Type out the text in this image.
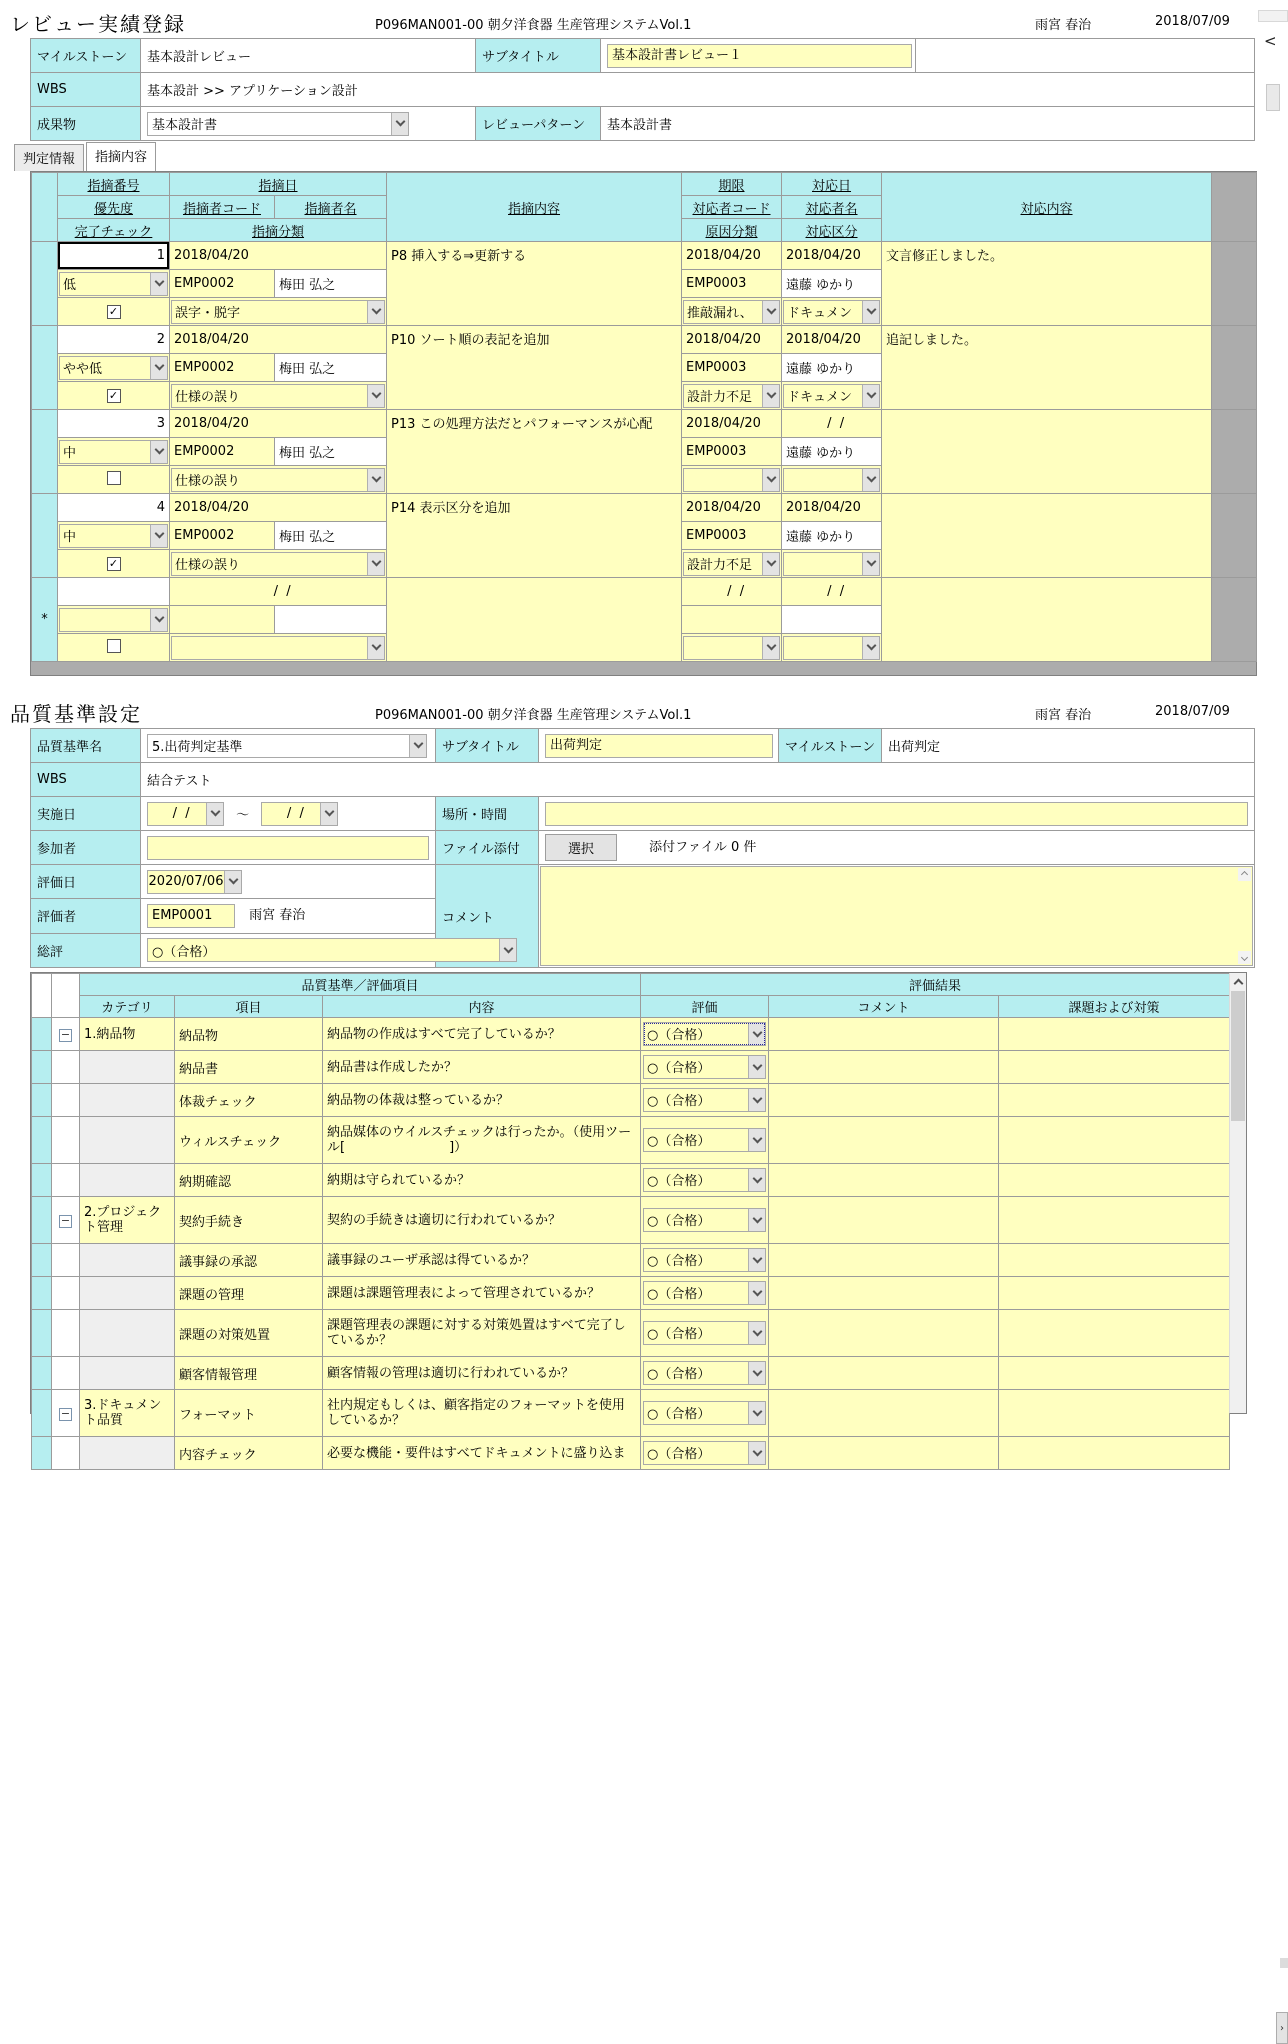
レビュー実績登録	P096MAN001-00 朝夕洋食器 生産管理システムVol.1	雨宮 春治	2018/07/09
マイルストーン	基本設計レビュー	サブタイトル	基本設計書レビュー１	
WBS	基本設計 >> アプリケーション設計			
成果物	基本設計書	レビューパターン	基本設計書	
判定情報	指摘内容
	指摘番号	指摘日		指摘内容	期限	対応日	対応内容	
	優先度	指摘者コード	指摘者名		対応者コード	対応者名		
	完了チェック	指摘分類			原因分類	対応区分		
	1	2018/04/20		P8 挿入する⇒更新する	2018/04/20	2018/04/20	文言修正しました。	

	低	EMP0002	梅田 弘之		EMP0003	遠藤 ゆかり		
	✓	誤字・脱字			推敲漏れ、	ドキュメン		

	2	2018/04/20		P10 ソート順の表記を追加	2018/04/20	2018/04/20	追記しました。	

	やや低	EMP0002	梅田 弘之		EMP0003	遠藤 ゆかり		
	✓	仕様の誤り			設計力不足	ドキュメン		

	3	2018/04/20		P13 この処理方法だとパフォーマンスが心配	2018/04/20	/  /		

	中	EMP0002	梅田 弘之		EMP0003	遠藤 ゆかり		

		仕様の誤り						

	4	2018/04/20		P14 表示区分を追加	2018/04/20	2018/04/20		

	中	EMP0002	梅田 弘之		EMP0003	遠藤 ゆかり		
	✓	仕様の誤り			設計力不足			

*		/  /			/  /	/  /		

<
品質基準設定	P096MAN001-00 朝夕洋食器 生産管理システムVol.1	雨宮 春治	2018/07/09
品質基準名	5.出荷判定基準	サブタイトル	出荷判定	マイルストーン	出荷判定
WBS	結合テスト				
実施日	/  / ～ /  /	場所・時間			
参加者		ファイル添付	選択 添付ファイル 0 件		
評価日	2020/07/06	コメント			

評価者	EMP0001 雨宮 春治				
総評	○（合格）				
		品質基準／評価項目			評価結果		
		カテゴリ	項目	内容	評価	コメント	課題および対策
	−	1.納品物	納品物	納品物の作成はすべて完了しているか？	○（合格）		

			納品書	納品書は作成したか？	○（合格）		

			体裁チェック	納品物の体裁は整っているか？	○（合格）		

			ウィルスチェック	納品媒体のウイルスチェックは行ったか。（使用ツール[　　　　　　　　]）	○（合格）		

			納期確認	納期は守られているか？	○（合格）		

	−	2.プロジェクト管理	契約手続き	契約の手続きは適切に行われているか？	○（合格）		

			議事録の承認	議事録のユーザ承認は得ているか？	○（合格）		

			課題の管理	課題は課題管理表によって管理されているか？	○（合格）		

			課題の対策処置	課題管理表の課題に対する対策処置はすべて完了しているか？	○（合格）		

			顧客情報管理	顧客情報の管理は適切に行われているか？	○（合格）		

	−	3.ドキュメント品質	フォーマット	社内規定もしくは、顧客指定のフォーマットを使用しているか？	○（合格）		

			内容チェック	必要な機能・要件はすべてドキュメントに盛り込ま	○（合格）		

›
